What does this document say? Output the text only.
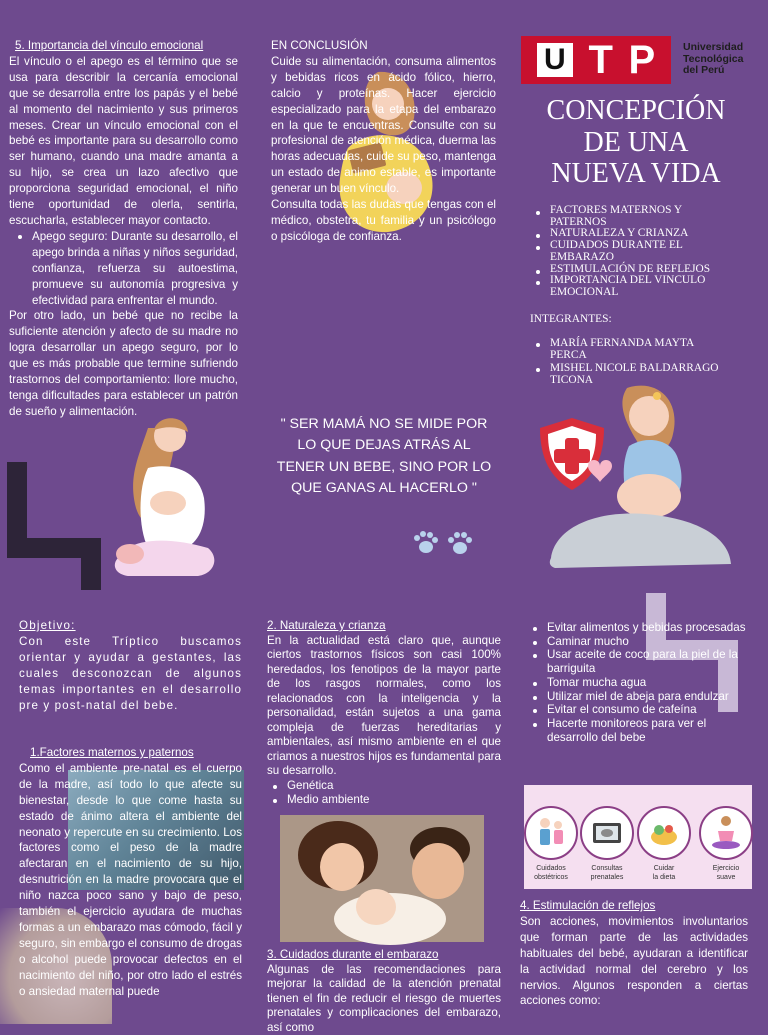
5. Importancia del vínculo emocional

El vínculo o el apego es el término que se usa para describir la cercanía emocional que se desarrolla entre los papás y el bebé al momento del nacimiento y sus primeros meses. Crear un vínculo emocional con el bebé es importante para su desarrollo como ser humano, cuando una madre amanta a su hijo, se crea un lazo afectivo que proporciona seguridad emocional, el niño tiene oportunidad de olerla, sentirla, escucharla, establecer mayor contacto.

Apego seguro: Durante su desarrollo, el apego brinda a niñas y niños seguridad, confianza, refuerza su autoestima, promueve su autonomía progresiva y efectividad para enfrentar el mundo.

Por otro lado, un bebé que no recibe la suficiente atención y afecto de su madre no logra desarrollar un apego seguro, por lo que es más probable que termine sufriendo trastornos del comportamiento: llore mucho, tenga dificultades para establecer un patrón de sueño y alimentación.

EN CONCLUSIÓN

Cuide su alimentación, consuma alimentos y bebidas ricos en ácido fólico, hierro, calcio y proteínas. Hacer ejercicio especializado para la etapa del embarazo en la que te encuentras. Consulte con su profesional de atención médica, duerma las horas adecuadas, cuide su peso, mantenga un estado de animo estable, es importante generar un buen vínculo.

Consulta todas las dudas que tengas con el médico, obstetra, tu familia y un psicólogo o psicóloga de confianza.

" SER MAMÁ NO SE MIDE POR LO QUE DEJAS ATRÁS AL TENER UN BEBE, SINO POR LO QUE GANAS AL HACERLO "
U T P	Universidad
Tecnológica
del Perú
CONCEPCIÓN
DE UNA
NUEVA VIDA
FACTORES MATERNOS Y PATERNOS
NATURALEZA Y CRIANZA
CUIDADOS DURANTE EL EMBARAZO
ESTIMULACIÓN DE REFLEJOS
IMPORTANCIA DEL VINCULO EMOCIONAL
INTEGRANTES:
MARÍA FERNANDA MAYTA PERCA
MISHEL NICOLE BALDARRAGO TICONA
Objetivo:

Con este Tríptico buscamos orientar y ayudar a gestantes, las cuales desconozcan de algunos temas importantes en el desarrollo pre y post-natal del bebe.

1.Factores maternos y paternos

Como el ambiente pre-natal es el cuerpo de la madre, así todo lo que afecte su bienestar, desde lo que come hasta su estado de ánimo altera el ambiente del neonato y repercute en su crecimiento. Los factores como el peso de la madre afectaran en el nacimiento de su hijo, desnutrición en la madre provocara que el niño nazca poco sano y bajo de peso, también el ejercicio ayudara de muchas formas a un embarazo mas cómodo, fácil y seguro, sin embargo el consumo de drogas o alcohol puede provocar defectos en el nacimiento del niño, por otro lado el estrés o ansiedad maternal puede

2. Naturaleza y crianza

En la actualidad está claro que, aunque ciertos trastornos físicos son casi 100% heredados, los fenotipos de la mayor parte de los rasgos normales, como los relacionados con la inteligencia y la personalidad, están sujetos a una gama compleja de fuerzas hereditarias y ambientales, así mismo ambiente en el que criamos a nuestros hijos es fundamental para su desarrollo.

Genética
Medio ambiente
3. Cuidados durante el embarazo

Algunas de las recomendaciones para mejorar la calidad de la atención prenatal tienen el fin de reducir el riesgo de muertes prenatales y complicaciones del embarazo, así como

Evitar alimentos y bebidas procesadas
Caminar mucho
Usar aceite de coco para la piel de la barriguita
Tomar mucha agua
Utilizar miel de abeja para endulzar
Evitar el consumo de cafeína
Hacerte monitoreos para ver el desarrollo del bebe
Cuidados
obstétricos
Consultas
prenatales
Cuidar
la dieta
Ejercicio
suave
4. Estimulación de reflejos

Son acciones, movimientos involuntarios que forman parte de las actividades habituales del bebé, ayudaran a identificar la actividad normal del cerebro y los nervios. Algunos responden a ciertas acciones como:
